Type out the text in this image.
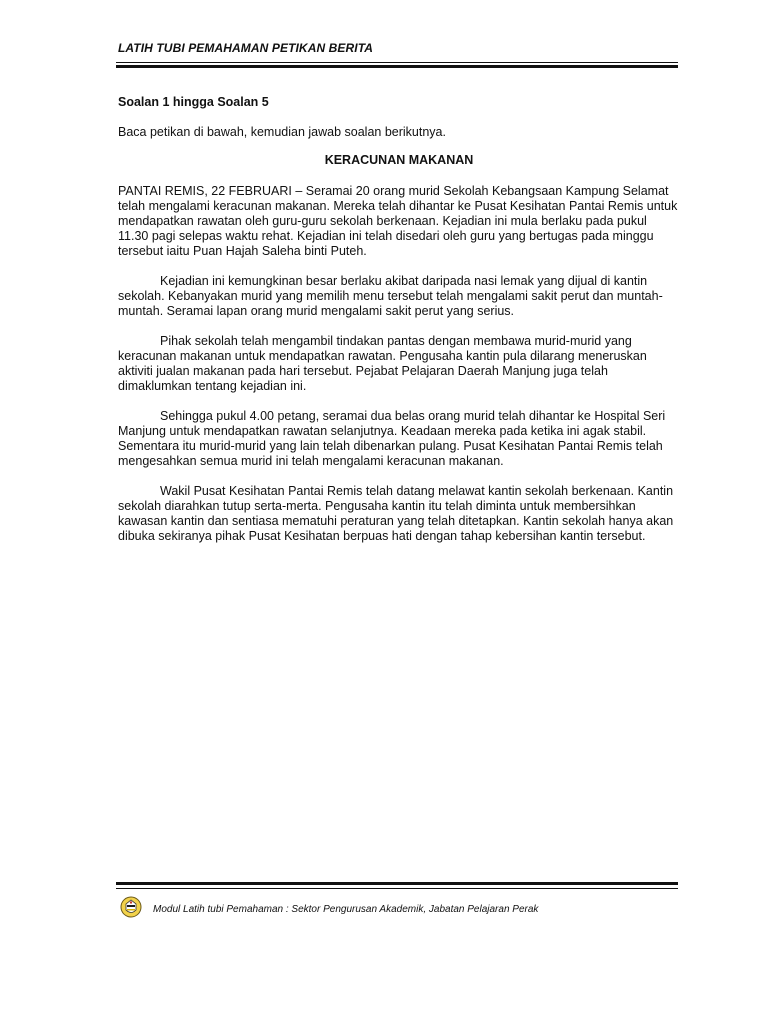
LATIH TUBI PEMAHAMAN PETIKAN BERITA
Soalan 1 hingga Soalan 5
Baca petikan di bawah, kemudian jawab soalan berikutnya.
KERACUNAN MAKANAN

PANTAI REMIS, 22 FEBRUARI – Seramai 20 orang murid Sekolah Kebangsaan Kampung Selamat telah mengalami keracunan makanan. Mereka telah dihantar ke Pusat Kesihatan Pantai Remis untuk mendapatkan rawatan oleh guru-guru sekolah berkenaan. Kejadian ini mula berlaku pada pukul 11.30 pagi selepas waktu rehat. Kejadian ini telah disedari oleh guru yang bertugas pada minggu tersebut iaitu Puan Hajah Saleha binti Puteh.

Kejadian ini kemungkinan besar berlaku akibat daripada nasi lemak yang dijual di kantin sekolah. Kebanyakan murid yang memilih menu tersebut telah mengalami sakit perut dan muntah-muntah. Seramai lapan orang murid mengalami sakit perut yang serius.

Pihak sekolah telah mengambil tindakan pantas dengan membawa murid-murid yang keracunan makanan untuk mendapatkan rawatan. Pengusaha kantin pula dilarang meneruskan aktiviti jualan makanan pada hari tersebut. Pejabat Pelajaran Daerah Manjung juga telah dimaklumkan tentang kejadian ini.

Sehingga pukul 4.00 petang, seramai dua belas orang murid telah dihantar ke Hospital Seri Manjung untuk mendapatkan rawatan selanjutnya. Keadaan mereka pada ketika ini agak stabil. Sementara itu murid-murid yang lain telah dibenarkan pulang. Pusat Kesihatan Pantai Remis telah mengesahkan semua murid ini telah mengalami keracunan makanan.

Wakil Pusat Kesihatan Pantai Remis telah datang melawat kantin sekolah berkenaan. Kantin sekolah diarahkan tutup serta-merta. Pengusaha kantin itu telah diminta untuk membersihkan kawasan kantin dan sentiasa mematuhi peraturan yang telah ditetapkan. Kantin sekolah hanya akan dibuka sekiranya pihak Pusat Kesihatan berpuas hati dengan tahap kebersihan kantin tersebut.

Modul Latih tubi Pemahaman : Sektor Pengurusan Akademik, Jabatan Pelajaran Perak
